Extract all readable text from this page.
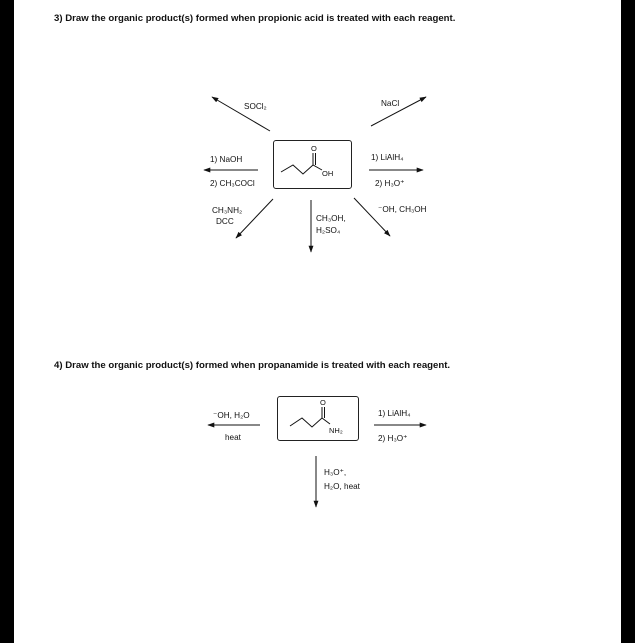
3) Draw the organic product(s) formed when propionic acid is treated with each reagent.
SOCl₂	NaCl
1) NaOH
2) CH₃COCl
1) LiAlH₄
2) H₃O⁺
CH₃NH₂
DCC	CH₃OH,
H₂SO₄
⁻OH, CH₃OH
4) Draw the organic product(s) formed when propanamide is treated with each reagent.
⁻OH, H₂O
heat
1) LiAlH₄
2) H₃O⁺
H₃O⁺,
H₂O, heat
O
OH
O
NH₂
